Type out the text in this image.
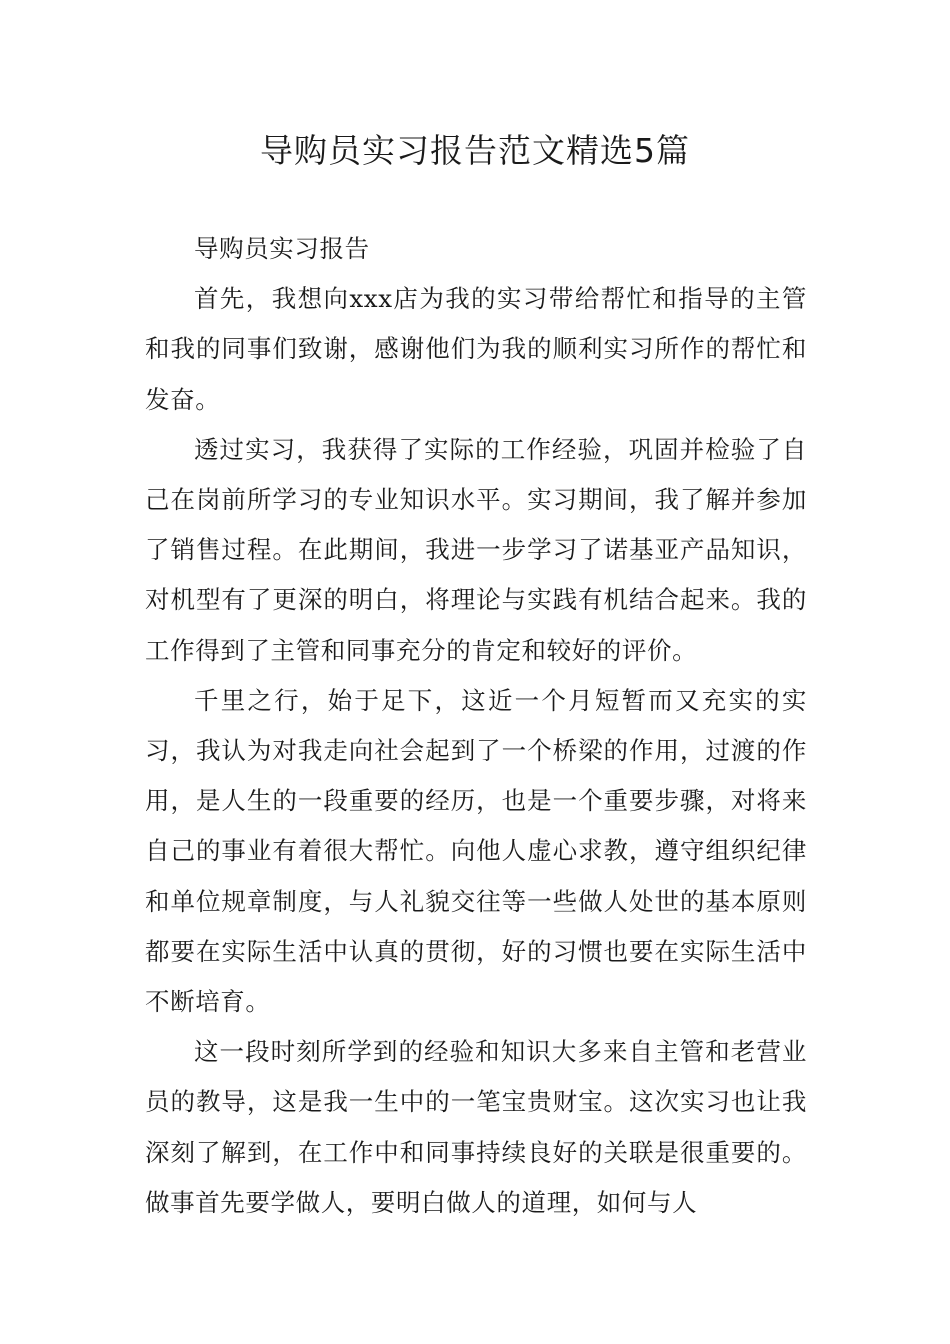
导购员实习报告范文精选5篇

导购员实习报告

首先，我想向xxx店为我的实习带给帮忙和指导的主管和我的同事们致谢，感谢他们为我的顺利实习所作的帮忙和发奋。

透过实习，我获得了实际的工作经验，巩固并检验了自己在岗前所学习的专业知识水平。实习期间，我了解并参加了销售过程。在此期间，我进一步学习了诺基亚产品知识，对机型有了更深的明白，将理论与实践有机结合起来。我的工作得到了主管和同事充分的肯定和较好的评价。

千里之行，始于足下，这近一个月短暂而又充实的实习，我认为对我走向社会起到了一个桥梁的作用，过渡的作用，是人生的一段重要的经历，也是一个重要步骤，对将来自己的事业有着很大帮忙。向他人虚心求教，遵守组织纪律和单位规章制度，与人礼貌交往等一些做人处世的基本原则都要在实际生活中认真的贯彻，好的习惯也要在实际生活中不断培育。

这一段时刻所学到的经验和知识大多来自主管和老营业员的教导，这是我一生中的一笔宝贵财宝。这次实习也让我深刻了解到，在工作中和同事持续良好的关联是很重要的。做事首先要学做人，要明白做人的道理，如何与人
